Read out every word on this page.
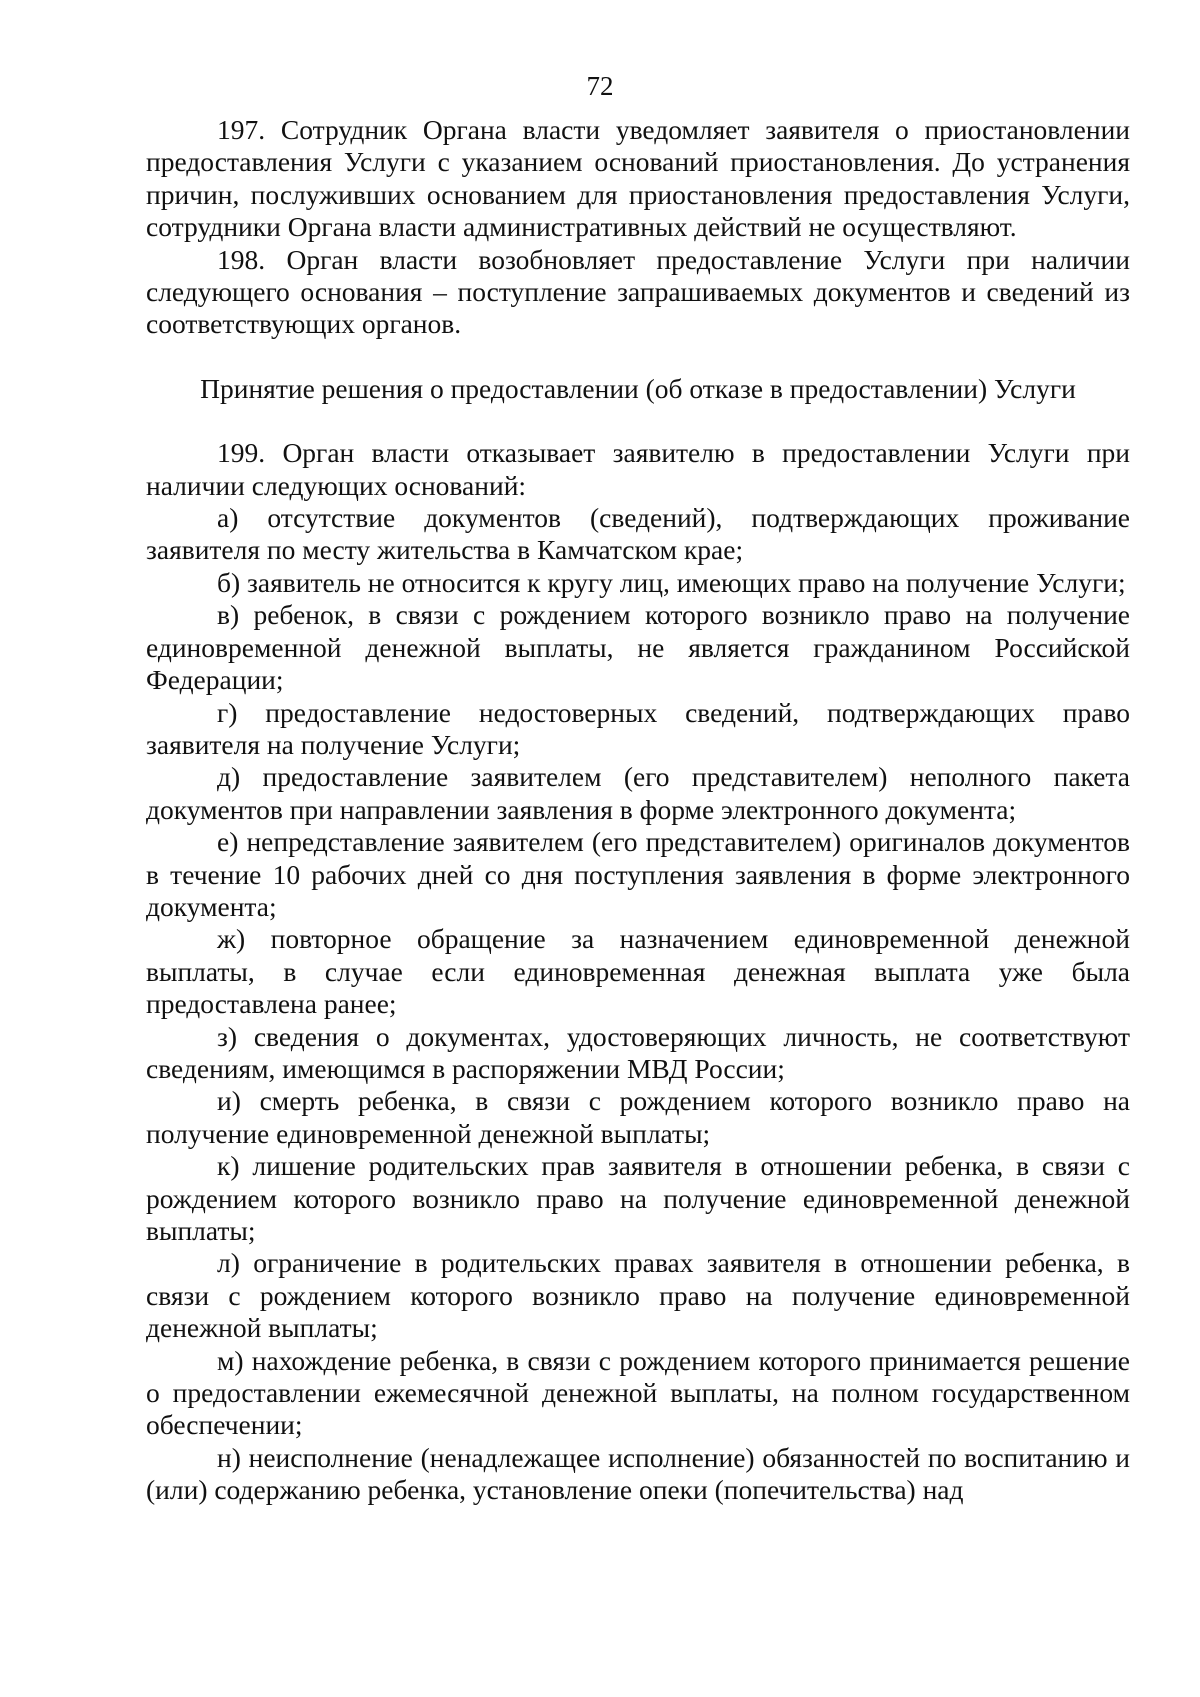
72

197. Сотрудник Органа власти уведомляет заявителя о приостановлении предоставления Услуги с указанием оснований приостановления. До устранения причин, послуживших основанием для приостановления предоставления Услуги, сотрудники Органа власти административных действий не осуществляют.

198. Орган власти возобновляет предоставление Услуги при наличии следующего основания – поступление запрашиваемых документов и сведений из соответствующих органов.

Принятие решения о предоставлении (об отказе в предоставлении) Услуги

199. Орган власти отказывает заявителю в предоставлении Услуги при наличии следующих оснований:

а) отсутствие документов (сведений), подтверждающих проживание заявителя по месту жительства в Камчатском крае;

б) заявитель не относится к кругу лиц, имеющих право на получение Услуги;

в) ребенок, в связи с рождением которого возникло право на получение единовременной денежной выплаты, не является гражданином Российской Федерации;

г) предоставление недостоверных сведений, подтверждающих право заявителя на получение Услуги;

д) предоставление заявителем (его представителем) неполного пакета документов при направлении заявления в форме электронного документа;

е) непредставление заявителем (его представителем) оригиналов документов в течение 10 рабочих дней со дня поступления заявления в форме электронного документа;

ж) повторное обращение за назначением единовременной денежной выплаты, в случае если единовременная денежная выплата уже была предоставлена ранее;

з) сведения о документах, удостоверяющих личность, не соответствуют сведениям, имеющимся в распоряжении МВД России;

и) смерть ребенка, в связи с рождением которого возникло право на получение единовременной денежной выплаты;

к) лишение родительских прав заявителя в отношении ребенка, в связи с рождением которого возникло право на получение единовременной денежной выплаты;

л) ограничение в родительских правах заявителя в отношении ребенка, в связи с рождением которого возникло право на получение единовременной денежной выплаты;

м) нахождение ребенка, в связи с рождением которого принимается решение о предоставлении ежемесячной денежной выплаты, на полном государственном обеспечении;

н) неисполнение (ненадлежащее исполнение) обязанностей по воспитанию и (или) содержанию ребенка, установление опеки (попечительства) над
